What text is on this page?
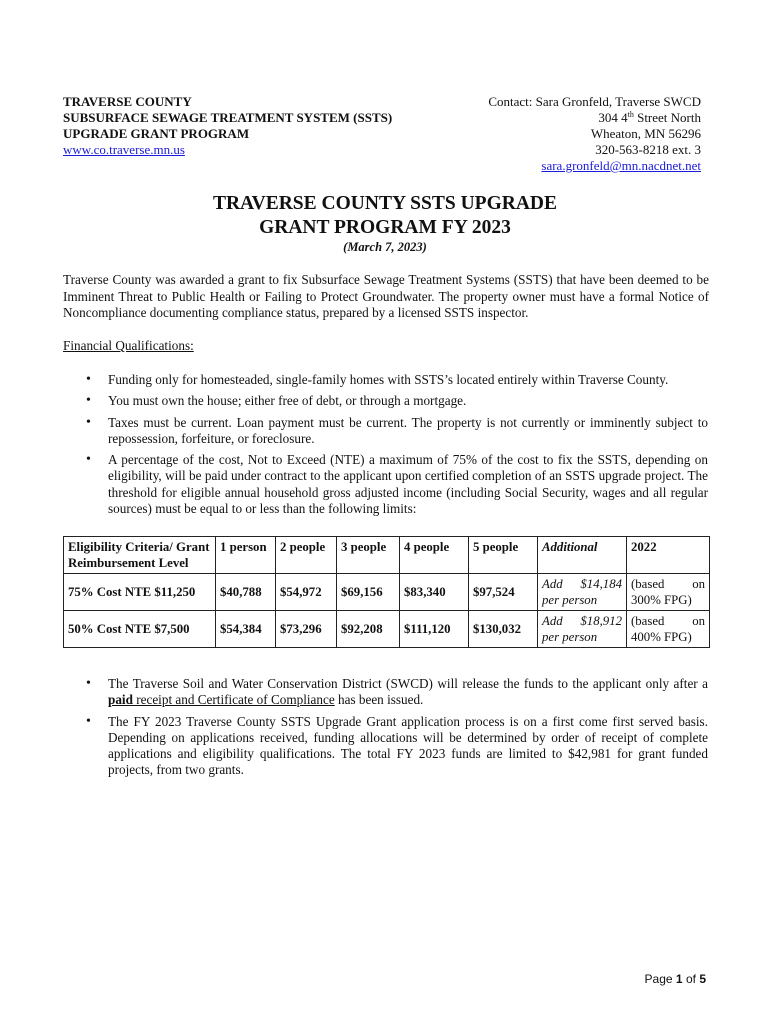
TRAVERSE COUNTY
SUBSURFACE SEWAGE TREATMENT SYSTEM (SSTS)
UPGRADE GRANT PROGRAM
www.co.traverse.mn.us
Contact: Sara Gronfeld, Traverse SWCD
304 4th Street North
Wheaton, MN 56296
320-563-8218 ext. 3
sara.gronfeld@mn.nacdnet.net
TRAVERSE COUNTY SSTS UPGRADE
GRANT PROGRAM FY 2023
(March 7, 2023)
Traverse County was awarded a grant to fix Subsurface Sewage Treatment Systems (SSTS) that have been deemed to be Imminent Threat to Public Health or Failing to Protect Groundwater. The property owner must have a formal Notice of Noncompliance documenting compliance status, prepared by a licensed SSTS inspector.
Financial Qualifications:
• Funding only for homesteaded, single-family homes with SSTS’s located entirely within Traverse County.
• You must own the house; either free of debt, or through a mortgage.
• Taxes must be current. Loan payment must be current. The property is not currently or imminently subject to repossession, forfeiture, or foreclosure.
• A percentage of the cost, Not to Exceed (NTE) a maximum of 75% of the cost to fix the SSTS, depending on eligibility, will be paid under contract to the applicant upon certified completion of an SSTS upgrade project. The threshold for eligible annual household gross adjusted income (including Social Security, wages and all regular sources) must be equal to or less than the following limits:
Eligibility Criteria/ Grant Reimbursement Level	1 person	2 people	3 people	4 people	5 people	Additional	2022
75% Cost NTE $11,250	$40,788	$54,972	$69,156	$83,340	$97,524	Add $14,184 per person	(based on 300% FPG)
50% Cost NTE $7,500	$54,384	$73,296	$92,208	$111,120	$130,032	Add $18,912 per person	(based on 400% FPG)
• The Traverse Soil and Water Conservation District (SWCD) will release the funds to the applicant only after a paid receipt and Certificate of Compliance has been issued.
• The FY 2023 Traverse County SSTS Upgrade Grant application process is on a first come first served basis. Depending on applications received, funding allocations will be determined by order of receipt of complete applications and eligibility qualifications. The total FY 2023 funds are limited to $42,981 for grant funded projects, from two grants.
Page 1 of 5
